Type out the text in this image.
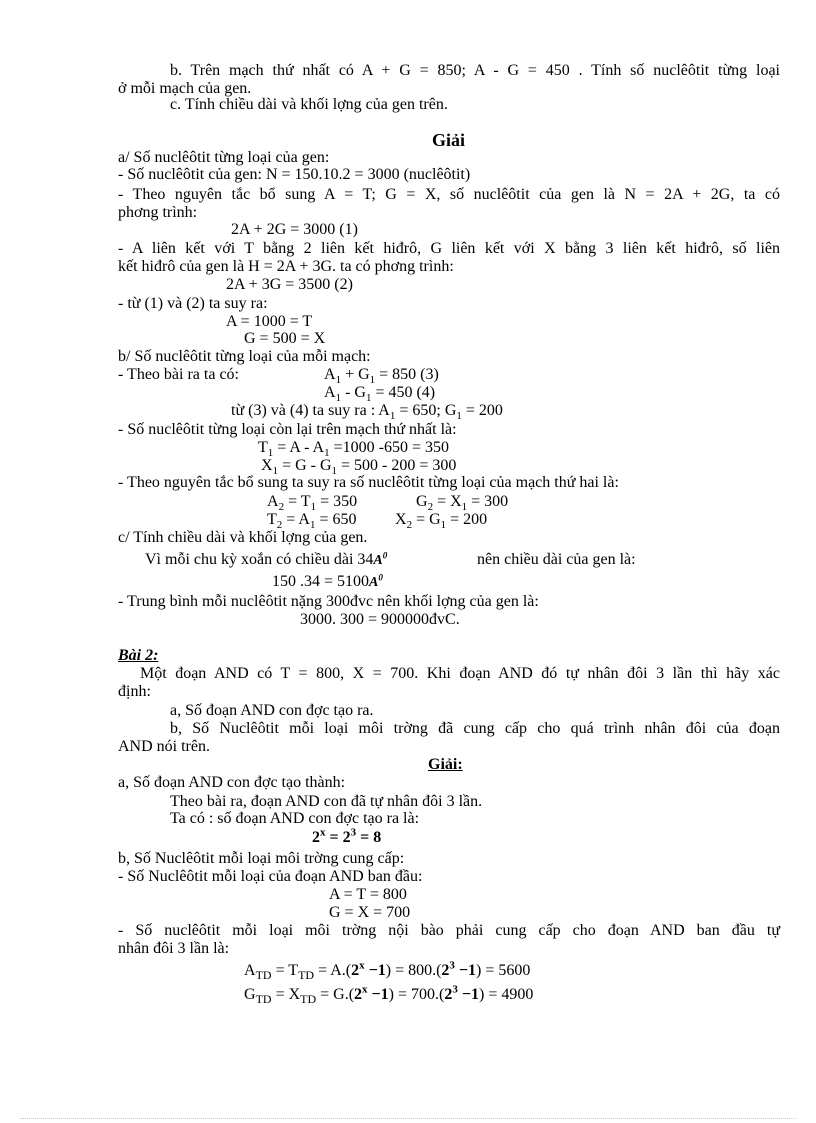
b. Trên mạch thứ nhất có A + G = 850; A - G = 450 . Tính số nuclêôtit từng loại
ở mỗi mạch của gen.
c. Tính chiều dài và khối lợng của gen trên.
Giải
a/ Số nuclêôtit từng loại của gen:
- Số nuclêôtit của gen: N = 150.10.2 = 3000 (nuclêôtit)
- Theo nguyên tắc bổ sung A = T; G = X, số nuclêôtit của gen là N = 2A + 2G, ta có
phơng trình:
2A + 2G = 3000 (1)
- A liên kết với T bằng 2 liên kết hiđrô, G liên kết với X bằng 3 liên kết hiđrô, số liên
kết hiđrô của gen là H = 2A + 3G. ta có phơng trình:
2A + 3G = 3500 (2)
- từ (1) và (2) ta suy ra:
A = 1000 = T
G = 500 = X
b/ Số nuclêôtit từng loại của mỗi mạch:
- Theo bài ra ta có:	$A_1 + G_1 = 850$ (3)
$A_1 - G_1 = 450$ (4)
từ (3) và (4) ta suy ra : $A_1 = 650$; $G_1 = 200$
- Số nuclêôtit từng loại còn lại trên mạch thứ nhất là:
$T_1 = A - A_1 =1000$ -650 = 350
$X_1 = G - G_1 = 500 - 200 = 300$
- Theo nguyên tắc bổ sung ta suy ra số nuclêôtit từng loại của mạch thứ hai là:
$A_2 = T_1 = 350$	$G_2 = X_1 = 300$
$T_2 = A_1 = 650$ $X_2 = G_1 = 200$
c/ Tính chiều dài và khối lợng của gen.
Vì mỗi chu kỳ xoắn có chiều dài $34A^0$	nên chiều dài của gen là:
150 $.34 = 5100A^0$
- Trung bình mỗi nuclêôtit nặng 300đvc nên khối lợng của gen là:
3000. 300 = 900000đvC.
Bài 2:
Một đoạn AND có T = 800, X = 700. Khi đoạn AND đó tự nhân đôi 3 lần thì hãy xác
định:
a, Số đoạn AND con đợc tạo ra.
b, Số Nuclêôtit mỗi loại môi trờng đã cung cấp cho quá trình nhân đôi của đoạn
AND nói trên.
Giải:
a, Số đoạn AND con đợc tạo thành:
Theo bài ra, đoạn AND con đã tự nhân đôi 3 lần.
Ta có : số đoạn AND con đợc tạo ra là:
$2^x = 2^3 = 8$
b, Số Nuclêôtit mỗi loại môi trờng cung cấp:
- Số Nuclêôtit mỗi loại của đoạn AND ban đầu:
A = T = 800
G = X = 700
- Số nuclêôtit mỗi loại môi trờng nội bào phải cung cấp cho đoạn AND ban đầu tự
nhân đôi 3 lần là:
$A_{TD} = T_{TD} = A.(2^x -1) = 800.(2^3 -1) = 5600$
$G_{TD} = X_{TD} = G.(2^x -1) = 700.(2^3 -1) = 4900$
